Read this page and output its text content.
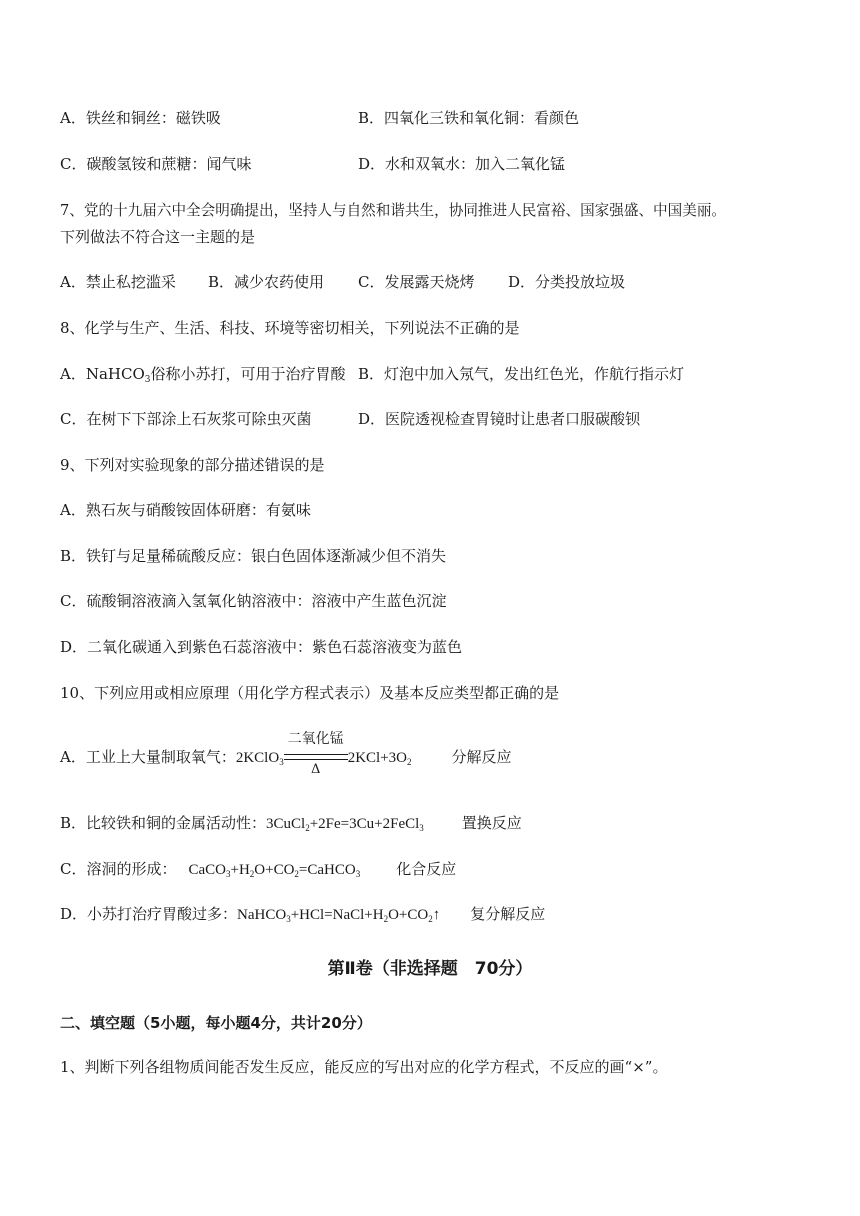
A．铁丝和铜丝：磁铁吸	B．四氧化三铁和氧化铜：看颜色
C．碳酸氢铵和蔗糖：闻气味	D．水和双氧水：加入二氧化锰
7、党的十九届六中全会明确提出，坚持人与自然和谐共生，协同推进人民富裕、国家强盛、中国美丽。
下列做法不符合这一主题的是
A．禁止私挖滥采 B．减少农药使用 C．发展露天烧烤 D．分类投放垃圾
8、化学与生产、生活、科技、环境等密切相关，下列说法不正确的是
A．NaHCO$_3$俗称小苏打，可用于治疗胃酸 B．灯泡中加入氖气，发出红色光，作航行指示灯
C．在树下下部涂上石灰浆可除虫灭菌	D．医院透视检查胃镜时让患者口服碳酸钡
9、下列对实验现象的部分描述错误的是
A．熟石灰与硝酸铵固体研磨：有氨味
B．铁钉与足量稀硫酸反应：银白色固体逐渐减少但不消失
C．硫酸铜溶液滴入氢氧化钠溶液中：溶液中产生蓝色沉淀
D．二氧化碳通入到紫色石蕊溶液中：紫色石蕊溶液变为蓝色
10、下列应用或相应原理（用化学方程式表示）及基本反应类型都正确的是
A．工业上大量制取氧气：2KClO$_3$
二氧化锰
Δ
$2KCl+3O_2$	分解反应
B．比较铁和铜的金属活动性：3CuCl$_2$+2Fe=3Cu+2FeCl$_3$	置换反应
C．溶洞的形成： $CaCO_3+H_2O+CO_2=CaHCO_3$ 化合反应
D．小苏打治疗胃酸过多：$NaHCO_3+HCl=NaCl+H_2O+CO_2↑$ 复分解反应
第Ⅱ卷（非选择题　70分）
二、填空题（5小题，每小题4分，共计20分）
1、判断下列各组物质间能否发生反应，能反应的写出对应的化学方程式，不反应的画“×”。
